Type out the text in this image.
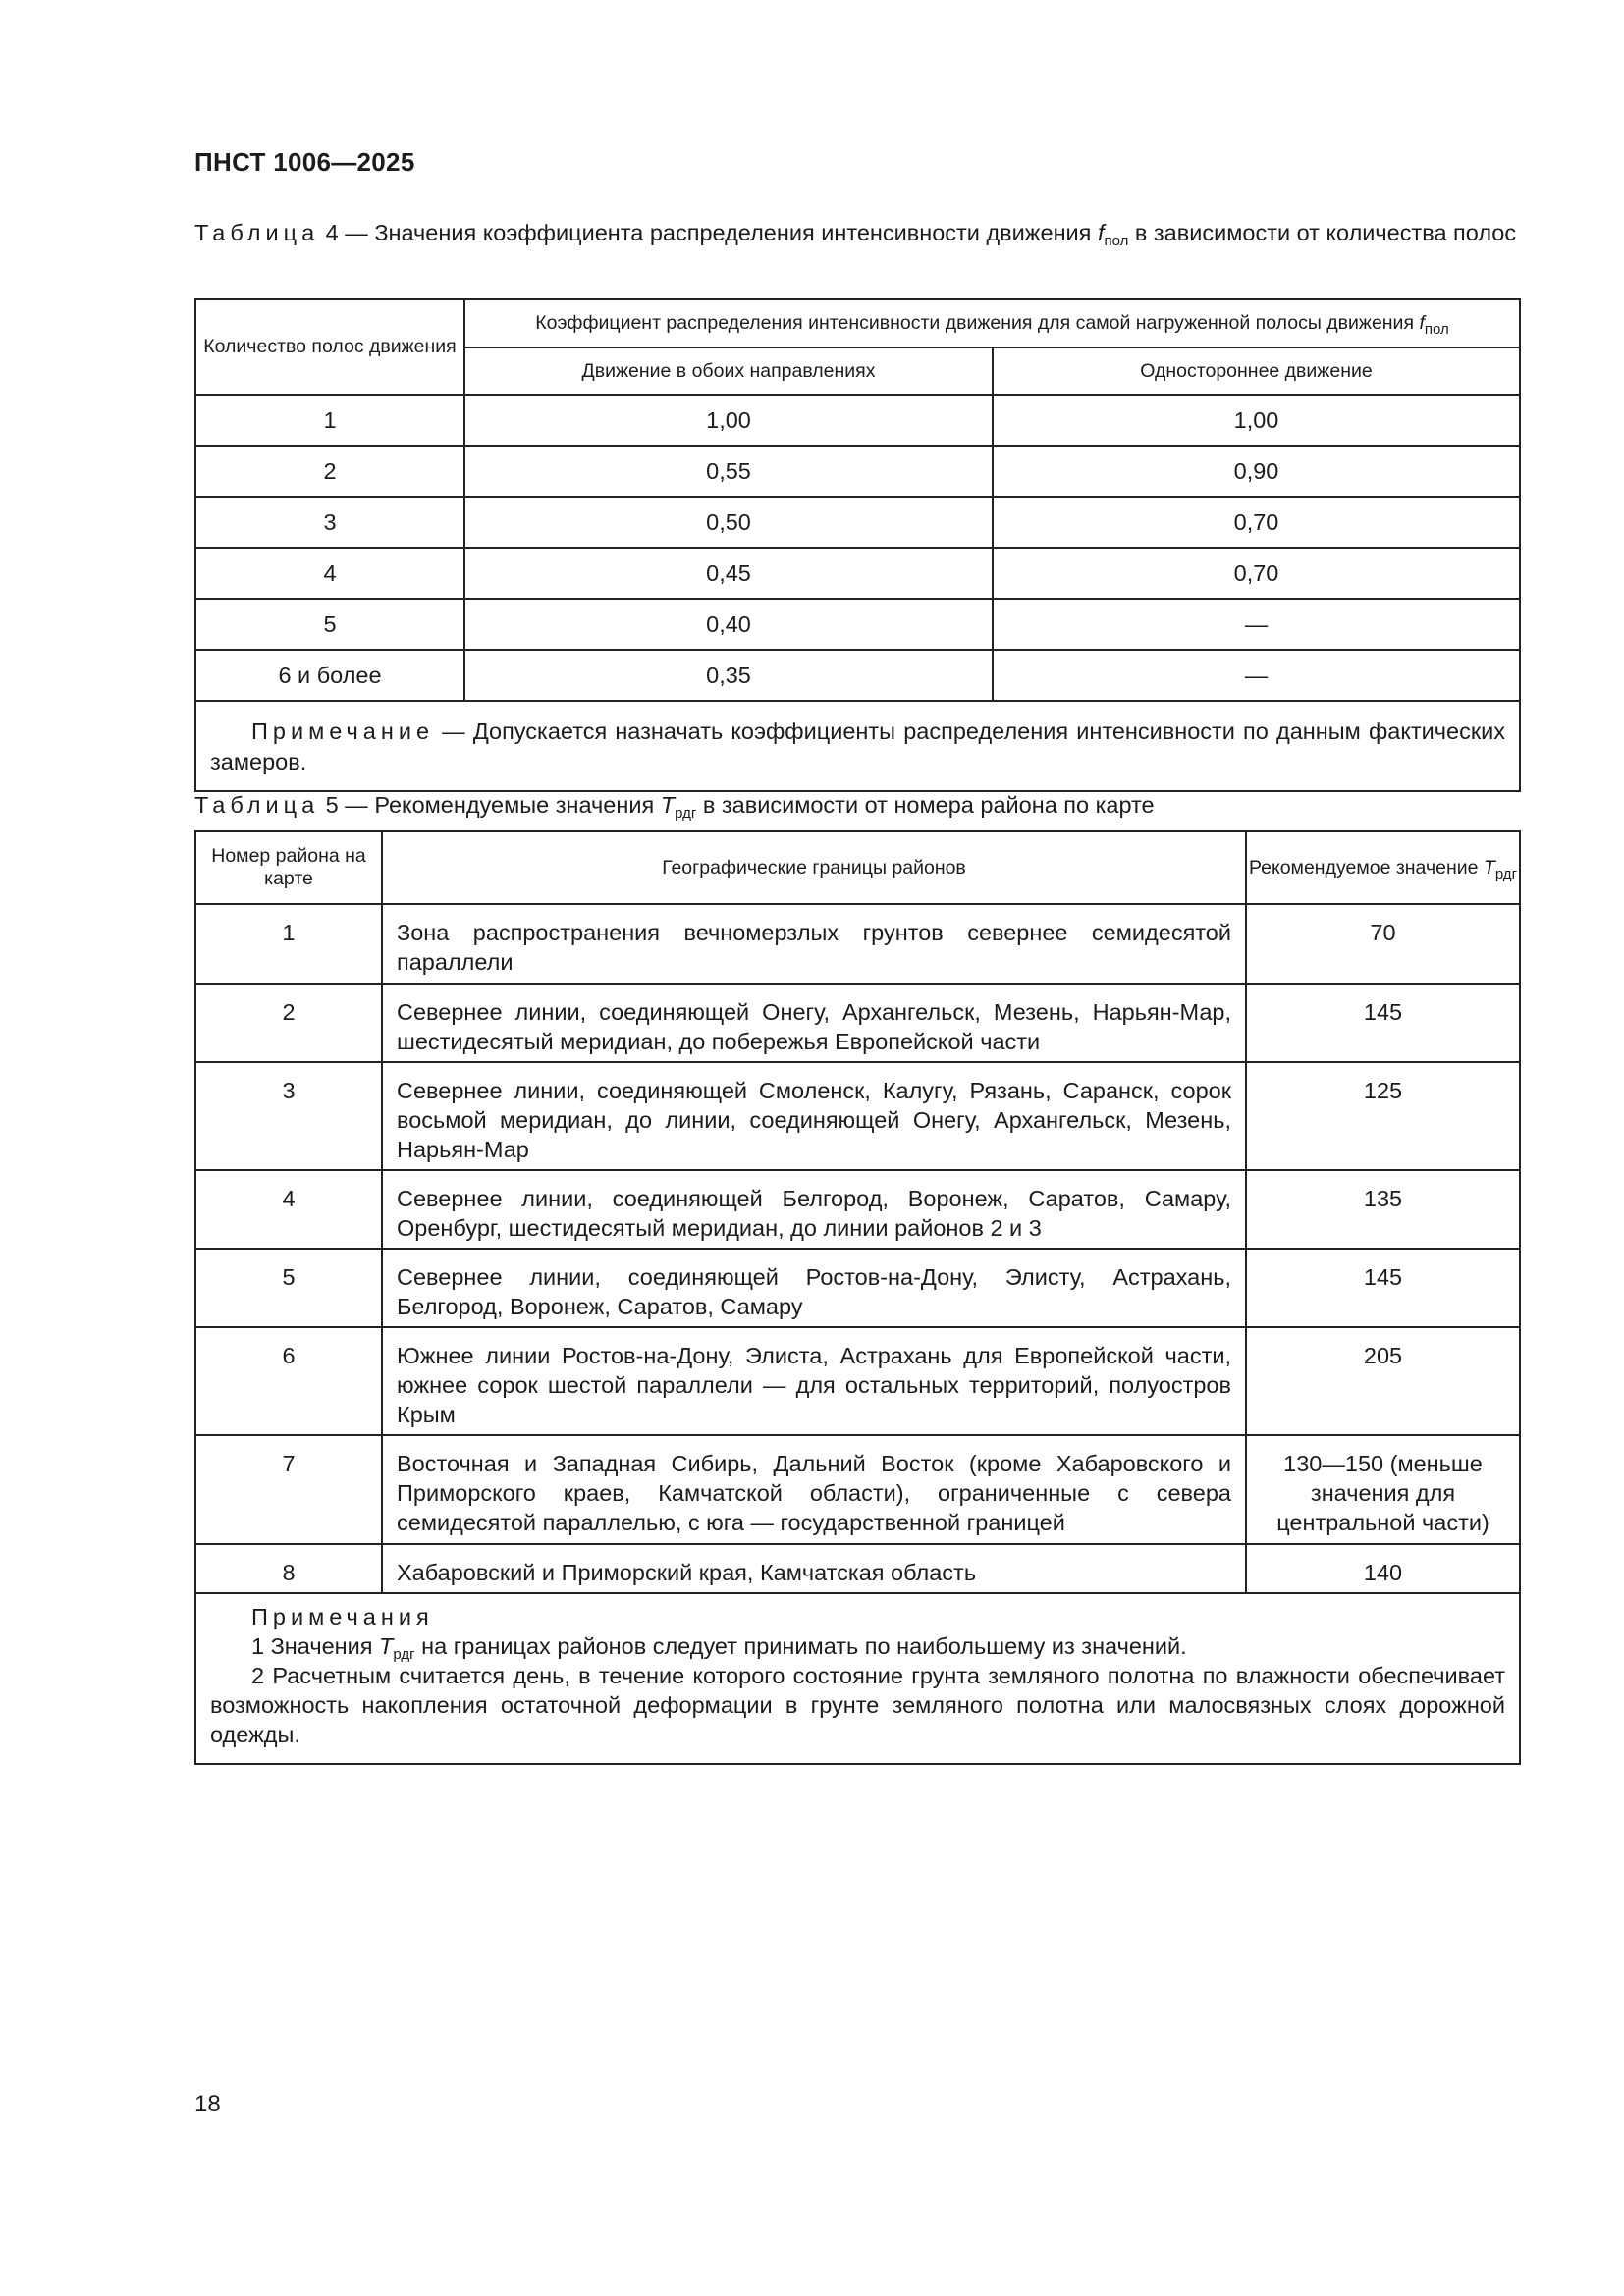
ПНСТ 1006—2025
Таблица 4 — Значения коэффициента распределения интенсивности движения $f_{пол}$ в зависимости от количества полос
Количество полос движения	Коэффициент распределения интенсивности движения для самой нагруженной полосы движения $f_{пол}$
	Движение в обоих направлениях	Одностороннее движение
1	1,00	1,00
2	0,55	0,90
3	0,50	0,70
4	0,45	0,70
5	0,40	—
6 и более	0,35	—
Примечание — Допускается назначать коэффициенты распределения интенсивности по данным фактических замеров.		
Таблица 5 — Рекомендуемые значения $T_{рдг}$ в зависимости от номера района по карте
Номер района на карте	Географические границы районов	Рекомендуемое значение $T_{рдг}$
1	Зона распространения вечномерзлых грунтов севернее семидесятой параллели	70
2	Севернее линии, соединяющей Онегу, Архангельск, Мезень, Нарьян-Мар, шестидесятый меридиан, до побережья Европейской части	145
3	Севернее линии, соединяющей Смоленск, Калугу, Рязань, Саранск, сорок восьмой меридиан, до линии, соединяющей Онегу, Архангельск, Мезень, Нарьян-Мар	125
4	Севернее линии, соединяющей Белгород, Воронеж, Саратов, Самару, Оренбург, шестидесятый меридиан, до линии районов 2 и 3	135
5	Севернее линии, соединяющей Ростов-на-Дону, Элисту, Астрахань, Белгород, Воронеж, Саратов, Самару	145
6	Южнее линии Ростов-на-Дону, Элиста, Астрахань для Европейской части, южнее сорок шестой параллели — для остальных территорий, полуостров Крым	205
7	Восточная и Западная Сибирь, Дальний Восток (кроме Хабаровского и Приморского краев, Камчатской области), ограниченные с севера семидесятой параллелью, с юга — государственной границей	130—150 (меньше значения для центральной части)
8	Хабаровский и Приморский края, Камчатская область	140

Примечания
1 Значения $T_{рдг}$ на границах районов следует принимать по наибольшему из значений.
2 Расчетным считается день, в течение которого состояние грунта земляного полотна по влажности обеспечивает возможность накопления остаточной деформации в грунте земляного полотна или малосвязных слоях дорожной одежды.		
18
